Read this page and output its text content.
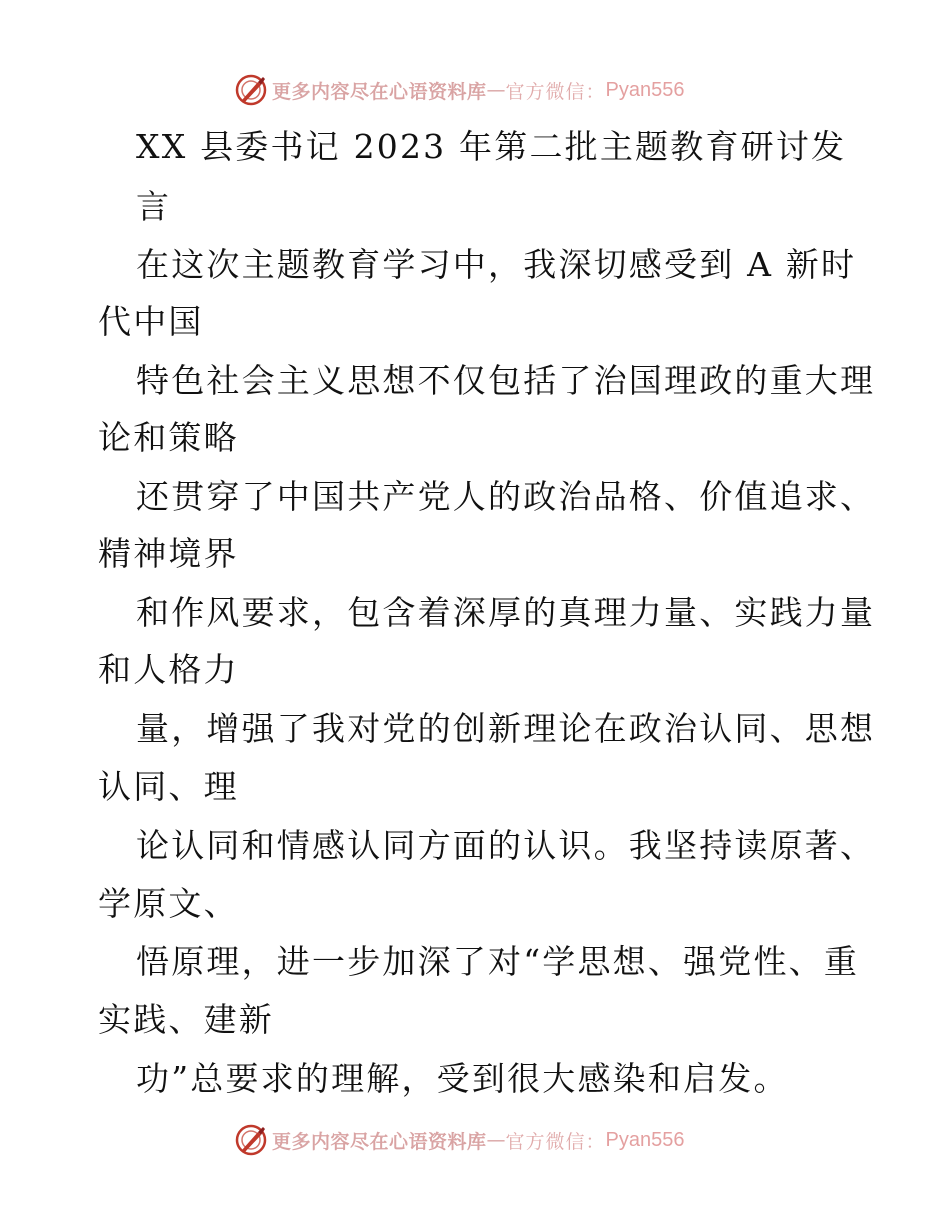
更多内容尽在心语资料库 — 官方微信： Pyan556
XX 县委书记 2023 年第二批主题教育研讨发
言
在这次主题教育学习中，我深切感受到 A 新时
代中国
特色社会主义思想不仅包括了治国理政的重大理
论和策略
还贯穿了中国共产党人的政治品格、价值追求、
精神境界
和作风要求，包含着深厚的真理力量、实践力量
和人格力
量，增强了我对党的创新理论在政治认同、思想
认同、理
论认同和情感认同方面的认识。我坚持读原著、
学原文、
悟原理，进一步加深了对“学思想、强党性、重
实践、建新
功”总要求的理解，受到很大感染和启发。
更多内容尽在心语资料库 — 官方微信： Pyan556
